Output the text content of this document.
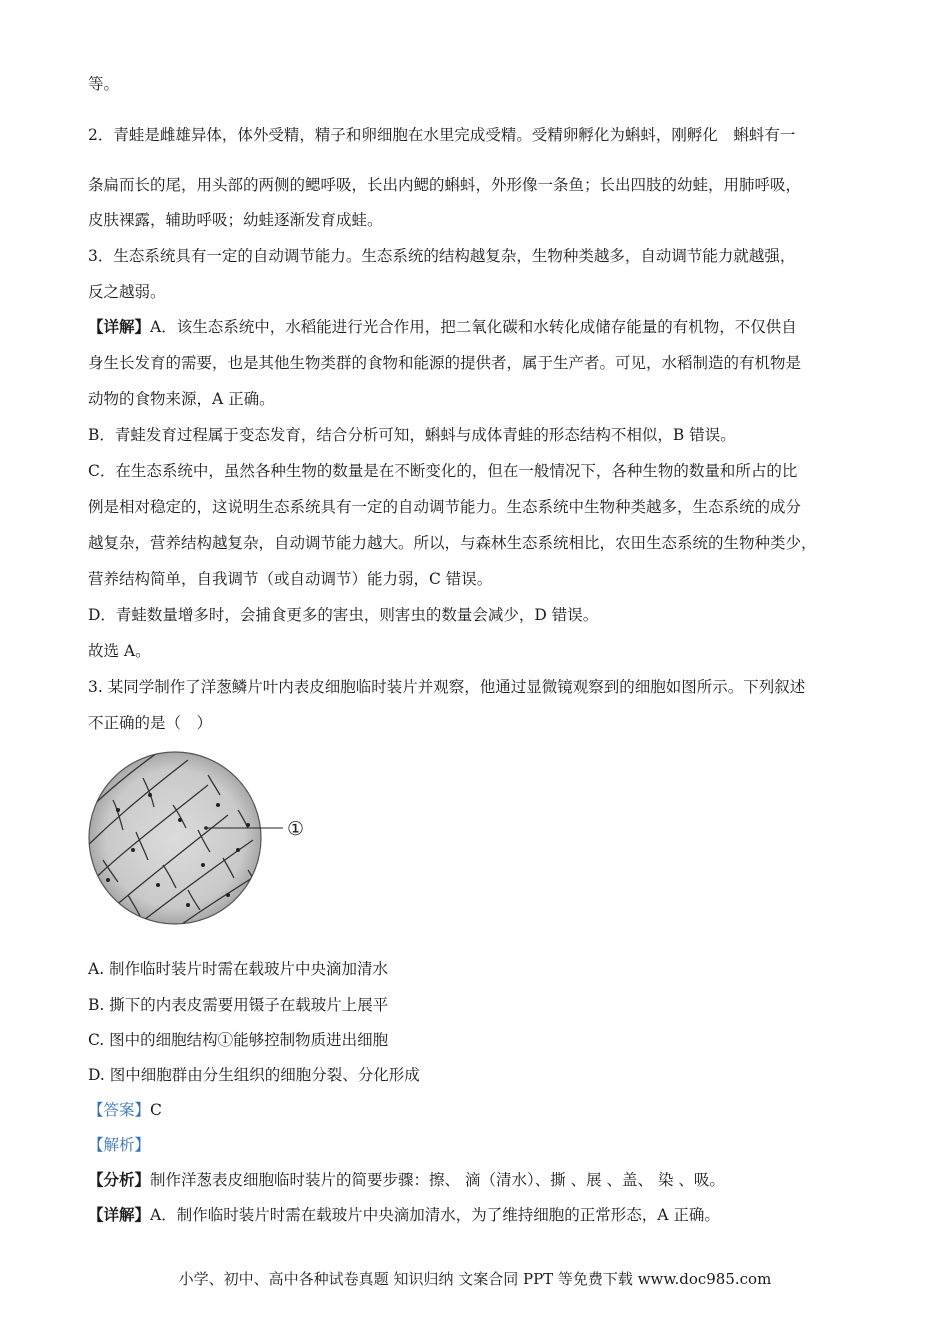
等。
2．青蛙是雌雄异体，体外受精，精子和卵细胞在水里完成受精。受精卵孵化为蝌蚪，刚孵化　蝌蚪有一
条扁而长的尾，用头部的两侧的鳃呼吸，长出内鳃的蝌蚪，外形像一条鱼；长出四肢的幼蛙，用肺呼吸，
皮肤裸露，辅助呼吸；幼蛙逐渐发育成蛙。
3．生态系统具有一定的自动调节能力。生态系统的结构越复杂，生物种类越多，自动调节能力就越强，
反之越弱。
【详解】A．该生态系统中，水稻能进行光合作用，把二氧化碳和水转化成储存能量的有机物，不仅供自
身生长发育的需要，也是其他生物类群的食物和能源的提供者，属于生产者。可见，水稻制造的有机物是
动物的食物来源，A 正确。
B．青蛙发育过程属于变态发育，结合分析可知，蝌蚪与成体青蛙的形态结构不相似，B 错误。
C．在生态系统中，虽然各种生物的数量是在不断变化的，但在一般情况下，各种生物的数量和所占的比
例是相对稳定的，这说明生态系统具有一定的自动调节能力。生态系统中生物种类越多，生态系统的成分
越复杂，营养结构越复杂，自动调节能力越大。所以，与森林生态系统相比，农田生态系统的生物种类少，
营养结构简单，自我调节（或自动调节）能力弱，C 错误。
D．青蛙数量增多时，会捕食更多的害虫，则害虫的数量会减少，D 错误。
故选 A。
3. 某同学制作了洋葱鳞片叶内表皮细胞临时装片并观察，他通过显微镜观察到的细胞如图所示。下列叙述
不正确的是（　）
①
A. 制作临时装片时需在载玻片中央滴加清水
B. 撕下的内表皮需要用镊子在载玻片上展平
C. 图中的细胞结构①能够控制物质进出细胞
D. 图中细胞群由分生组织的细胞分裂、分化形成
【答案】C
【解析】
【分析】制作洋葱表皮细胞临时装片的简要步骤：擦、 滴（清水）、撕 、展 、盖、 染 、吸。
【详解】A．制作临时装片时需在载玻片中央滴加清水，为了维持细胞的正常形态，A 正确。
小学、初中、高中各种试卷真题 知识归纳 文案合同 PPT 等免费下载 www.doc985.com
